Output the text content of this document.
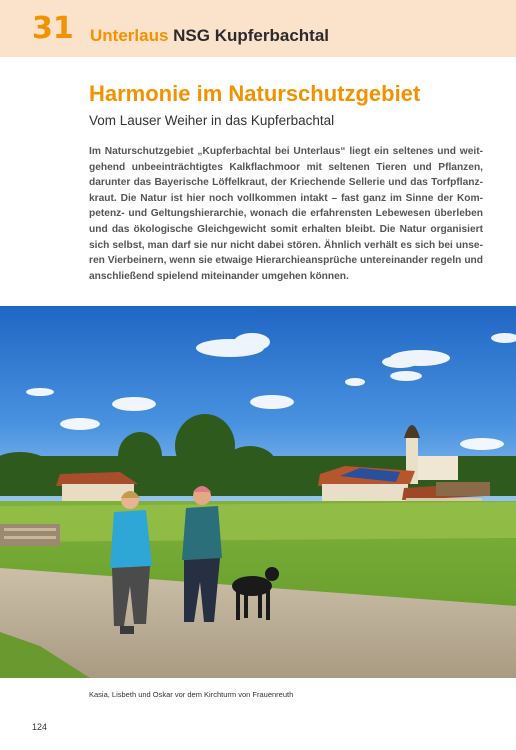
31 Unterlaus NSG Kupferbachtal
Harmonie im Naturschutzgebiet
Vom Lauser Weiher in das Kupferbachtal

Im Naturschutzgebiet „Kupferbachtal bei Unterlaus“ liegt ein seltenes und weitgehend unbeeinträchtigtes Kalkflachmoor mit seltenen Tieren und Pflanzen, darunter das Bayerische Löffelkraut, der Kriechende Sellerie und das Torfpflanzkraut. Die Natur ist hier noch vollkommen intakt – fast ganz im Sinne der Kompetenz- und Geltungshierarchie, wonach die erfahrensten Lebewesen überleben und das ökologische Gleichgewicht somit erhalten bleibt. Die Natur organisiert sich selbst, man darf sie nur nicht dabei stören. Ähnlich verhält es sich bei unseren Vierbeinern, wenn sie etwaige Hierarchieansprüche untereinander regeln und anschließend spielend miteinander umgehen können.

Kasia, Lisbeth und Oskar vor dem Kirchturm von Frauenreuth
124
